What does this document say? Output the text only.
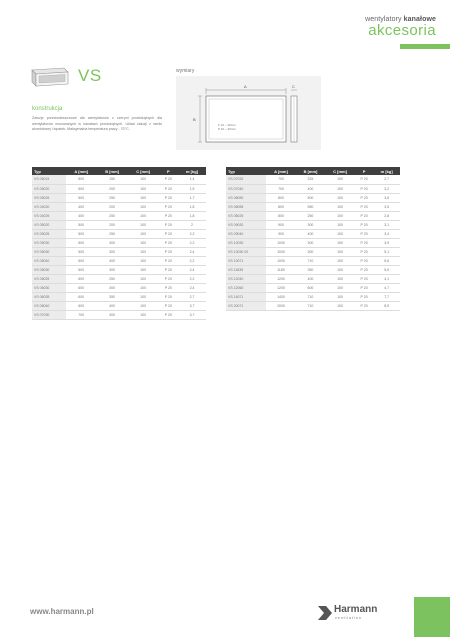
wentylatory kanałowe
akcesoria
VS	wymiary
A
B
F 10 ~ 30mm
P 10 ~ 30mm
C
konstrukcja
Żaluzje przeciwdeszczowe dla wentylatorów z czerpni prostokątnych dla wentylatorów mocowanych w kanałach prostokątnych. Układ żaluzji z ramki aluminiowej i łopatek. Maksymalna temperatura pracy - 70°C.
Typ	A [mm]	B [mm]	C [mm]	P	m [kg]
VS 05015	500	150	100	P 20	1,4
VS 05020	500	200	100	P 20	1,5
VS 05025	500	250	100	P 20	1,7
VS 04020	400	200	100	P 20	1,8
VS 04025	400	250	100	P 20	1,8
VS 05020	500	200	100	P 20	2
VS 05025	500	250	100	P 20	2,2
VS 05030	500	300	100	P 20	2,2
VS 05030	500	300	100	P 20	2,4
VS 05040	500	400	100	P 20	2,2
VS 05030	500	300	100	P 20	2,4
VS 06025	600	250	100	P 20	2,2
VS 06030	600	300	100	P 20	2,4
VS 06035	600	350	100	P 20	2,7
VS 06040	600	400	100	P 20	3,7
VS 07030	700	300	100	P 20	3,7
Typ	A [mm]	B [mm]	C [mm]	P	m [kg]
VS 07032	700	325	100	P 20	2,7
VS 07040	700	400	100	P 20	3,2
VS 08050	800	500	100	P 20	3,6
VS 08055	800	550	100	P 20	3,5
VS 08025	800	250	100	P 20	2,8
VS 09030	900	300	100	P 20	3,1
VS 09040	900	400	100	P 20	3,4
VS 10030	1000	300	100	P 20	3,9
VS 10030 02	1000	300	100	P 20	5,1
VS 10071	1000	710	100	P 20	5,6
VS 11835	1180	350	100	P 20	5,5
VS 12040	1200	400	100	P 20	4,1
VS 12060	1200	600	100	P 20	4,7
VS 14071	1400	710	100	P 20	7,7
VS 20071	2000	710	100	P 20	8,5
www.harmann.pl	Harmann
ventilation
